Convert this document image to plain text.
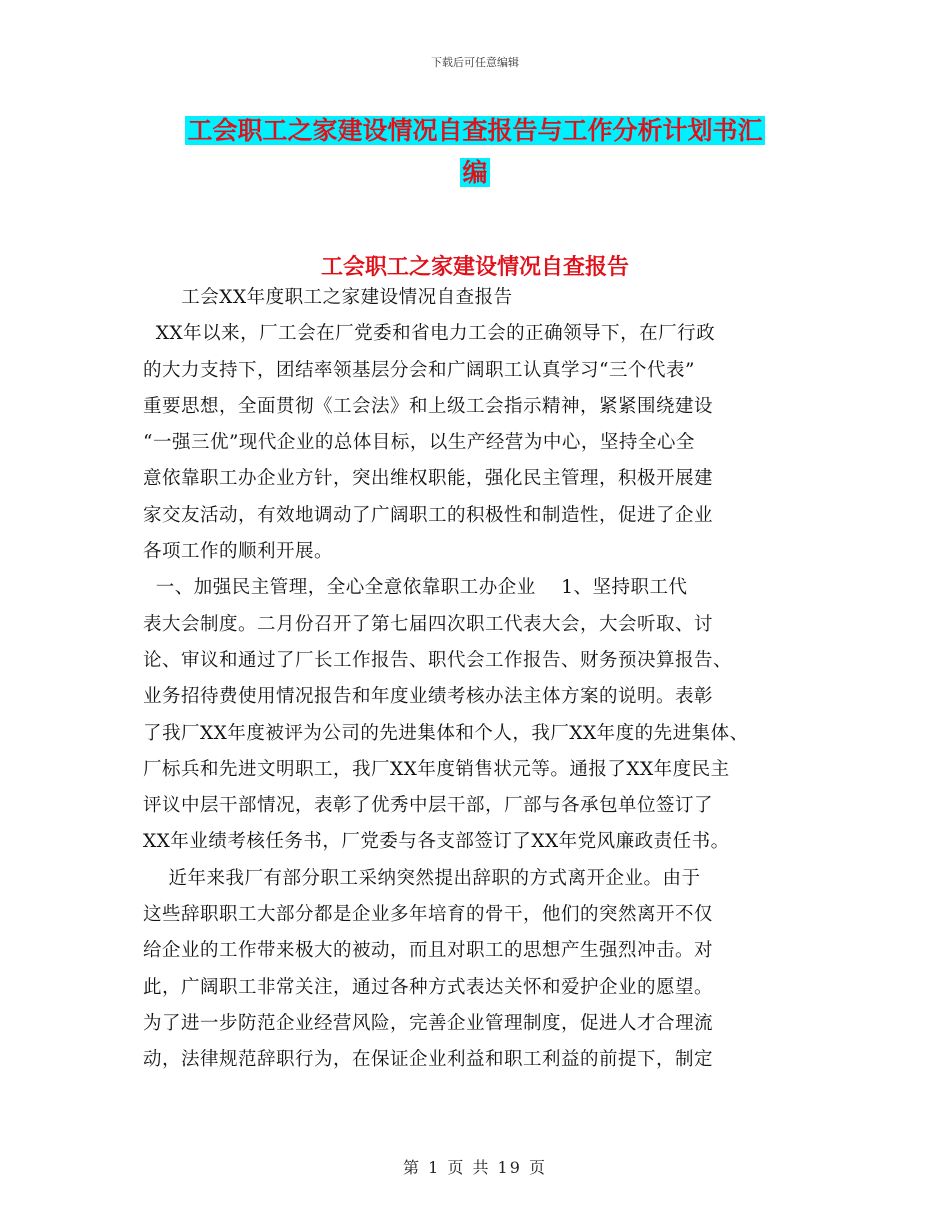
下载后可任意编辑
工会职工之家建设情况自查报告与工作分析计划书汇
编
工会职工之家建设情况自查报告
工会XX年度职工之家建设情况自查报告
XX年以来，厂工会在厂党委和省电力工会的正确领导下，在厂行政
的大力支持下，团结率领基层分会和广阔职工认真学习“三个代表”
重要思想，全面贯彻《工会法》和上级工会指示精神，紧紧围绕建设
“一强三优”现代企业的总体目标，以生产经营为中心，坚持全心全
意依靠职工办企业方针，突出维权职能，强化民主管理，积极开展建
家交友活动，有效地调动了广阔职工的积极性和制造性，促进了企业
各项工作的顺利开展。
一、加强民主管理，全心全意依靠职工办企业    1、坚持职工代
表大会制度。二月份召开了第七届四次职工代表大会，大会听取、讨
论、审议和通过了厂长工作报告、职代会工作报告、财务预决算报告、
业务招待费使用情况报告和年度业绩考核办法主体方案的说明。表彰
了我厂XX年度被评为公司的先进集体和个人，我厂XX年度的先进集体、
厂标兵和先进文明职工，我厂XX年度销售状元等。通报了XX年度民主
评议中层干部情况，表彰了优秀中层干部，厂部与各承包单位签订了
XX年业绩考核任务书，厂党委与各支部签订了XX年党风廉政责任书。
近年来我厂有部分职工采纳突然提出辞职的方式离开企业。由于
这些辞职职工大部分都是企业多年培育的骨干，他们的突然离开不仅
给企业的工作带来极大的被动，而且对职工的思想产生强烈冲击。对
此，广阔职工非常关注，通过各种方式表达关怀和爱护企业的愿望。
为了进一步防范企业经营风险，完善企业管理制度，促进人才合理流
动，法律规范辞职行为，在保证企业利益和职工利益的前提下，制定
第 1 页 共 19 页
